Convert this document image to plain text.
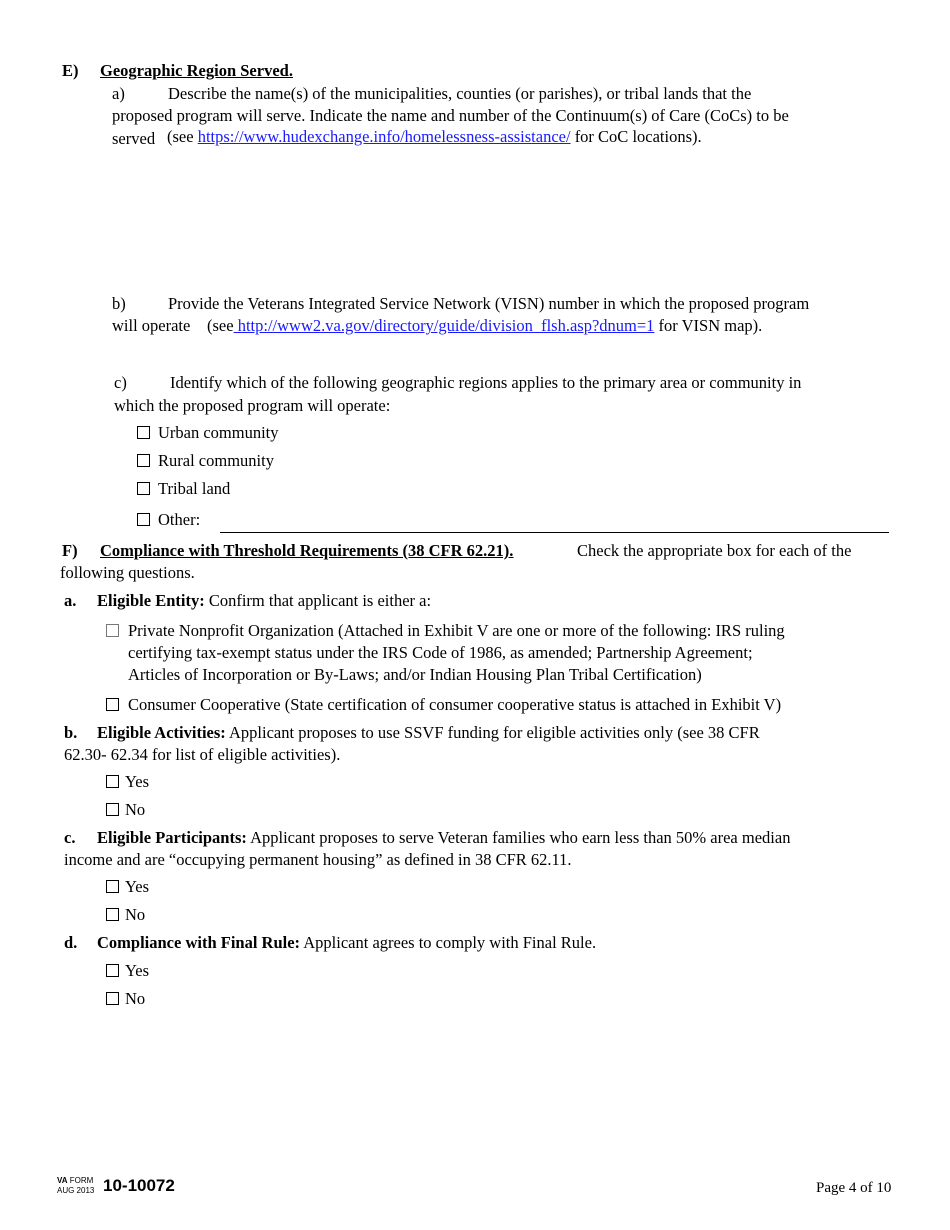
E) Geographic Region Served.
a)	Describe the name(s) of the municipalities, counties (or parishes), or tribal lands that the
proposed program will serve. Indicate the name and number of the Continuum(s) of Care (CoCs) to be
served (see https://www.hudexchange.info/homelessness-assistance/ for CoC locations).
b)	Provide the Veterans Integrated Service Network (VISN) number in which the proposed program
will operate (see http://www2.va.gov/directory/guide/division_flsh.asp?dnum=1 for VISN map).
c)	Identify which of the following geographic regions applies to the primary area or community in
which the proposed program will operate:
Urban community
Rural community
Tribal land
Other:
F) Compliance with Threshold Requirements (38 CFR 62.21).	Check the appropriate box for each of the
following questions.
a. Eligible Entity: Confirm that applicant is either a:
Private Nonprofit Organization (Attached in Exhibit V are one or more of the following: IRS ruling
certifying tax-exempt status under the IRS Code of 1986, as amended; Partnership Agreement;
Articles of Incorporation or By-Laws; and/or Indian Housing Plan Tribal Certification)
Consumer Cooperative (State certification of consumer cooperative status is attached in Exhibit V)
b. Eligible Activities: Applicant proposes to use SSVF funding for eligible activities only (see 38 CFR
62.30- 62.34 for list of eligible activities).
Yes
No
c. Eligible Participants: Applicant proposes to serve Veteran families who earn less than 50% area median
income and are “occupying permanent housing” as defined in 38 CFR 62.11.
Yes
No
d. Compliance with Final Rule: Applicant agrees to comply with Final Rule.
Yes
No
VA FORM
AUG 2013 10-10072	Page 4 of 10
